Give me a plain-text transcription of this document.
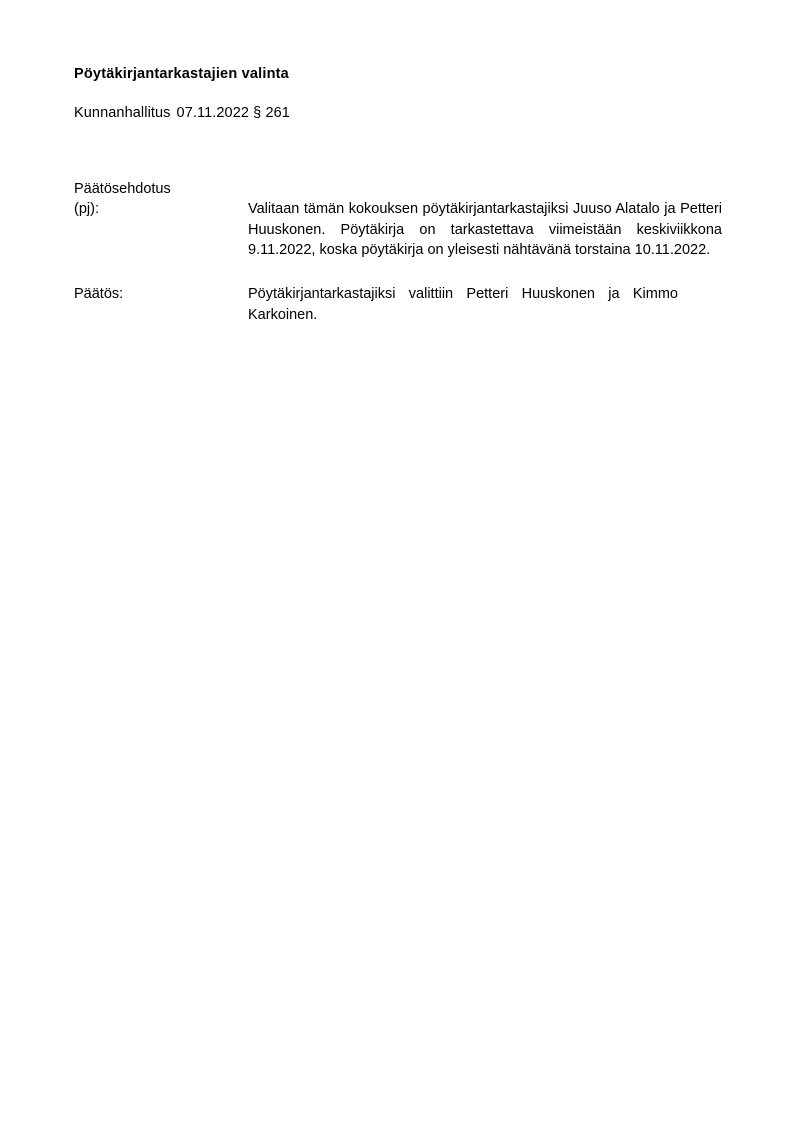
Pöytäkirjantarkastajien valinta
Kunnanhallitus 07.11.2022 § 261
Päätösehdotus
(pj):	Valitaan tämän kokouksen pöytäkirjantarkastajiksi Juuso Alatalo ja Petteri Huuskonen. Pöytäkirja on tarkastettava viimeistään keskiviikkona 9.11.2022, koska pöytäkirja on yleisesti nähtävänä torstaina 10.11.2022.
Päätös:	Pöytäkirjantarkastajiksi valittiin Petteri Huuskonen ja Kimmo Karkoinen.
